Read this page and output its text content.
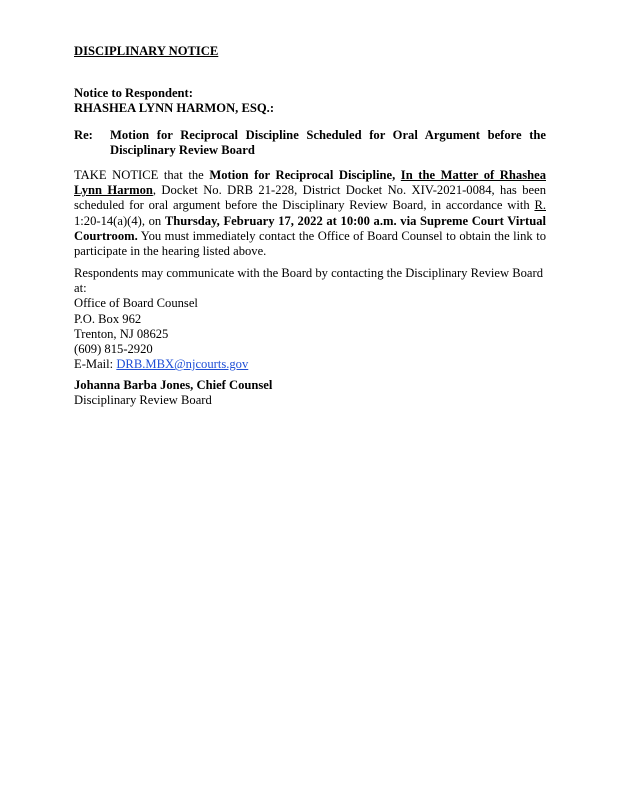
DISCIPLINARY NOTICE
Notice to Respondent:
RHASHEA LYNN HARMON, ESQ.:
Re:	Motion for Reciprocal Discipline Scheduled for Oral Argument before the Disciplinary Review Board
TAKE NOTICE that the Motion for Reciprocal Discipline, In the Matter of Rhashea Lynn Harmon, Docket No. DRB 21-228, District Docket No. XIV-2021-0084, has been scheduled for oral argument before the Disciplinary Review Board, in accordance with R. 1:20-14(a)(4), on Thursday, February 17, 2022 at 10:00 a.m. via Supreme Court Virtual Courtroom. You must immediately contact the Office of Board Counsel to obtain the link to participate in the hearing listed above.
Respondents may communicate with the Board by contacting the Disciplinary Review Board at:
Office of Board Counsel
P.O. Box 962
Trenton, NJ 08625
(609) 815-2920
E-Mail: DRB.MBX@njcourts.gov
Johanna Barba Jones, Chief Counsel
Disciplinary Review Board
